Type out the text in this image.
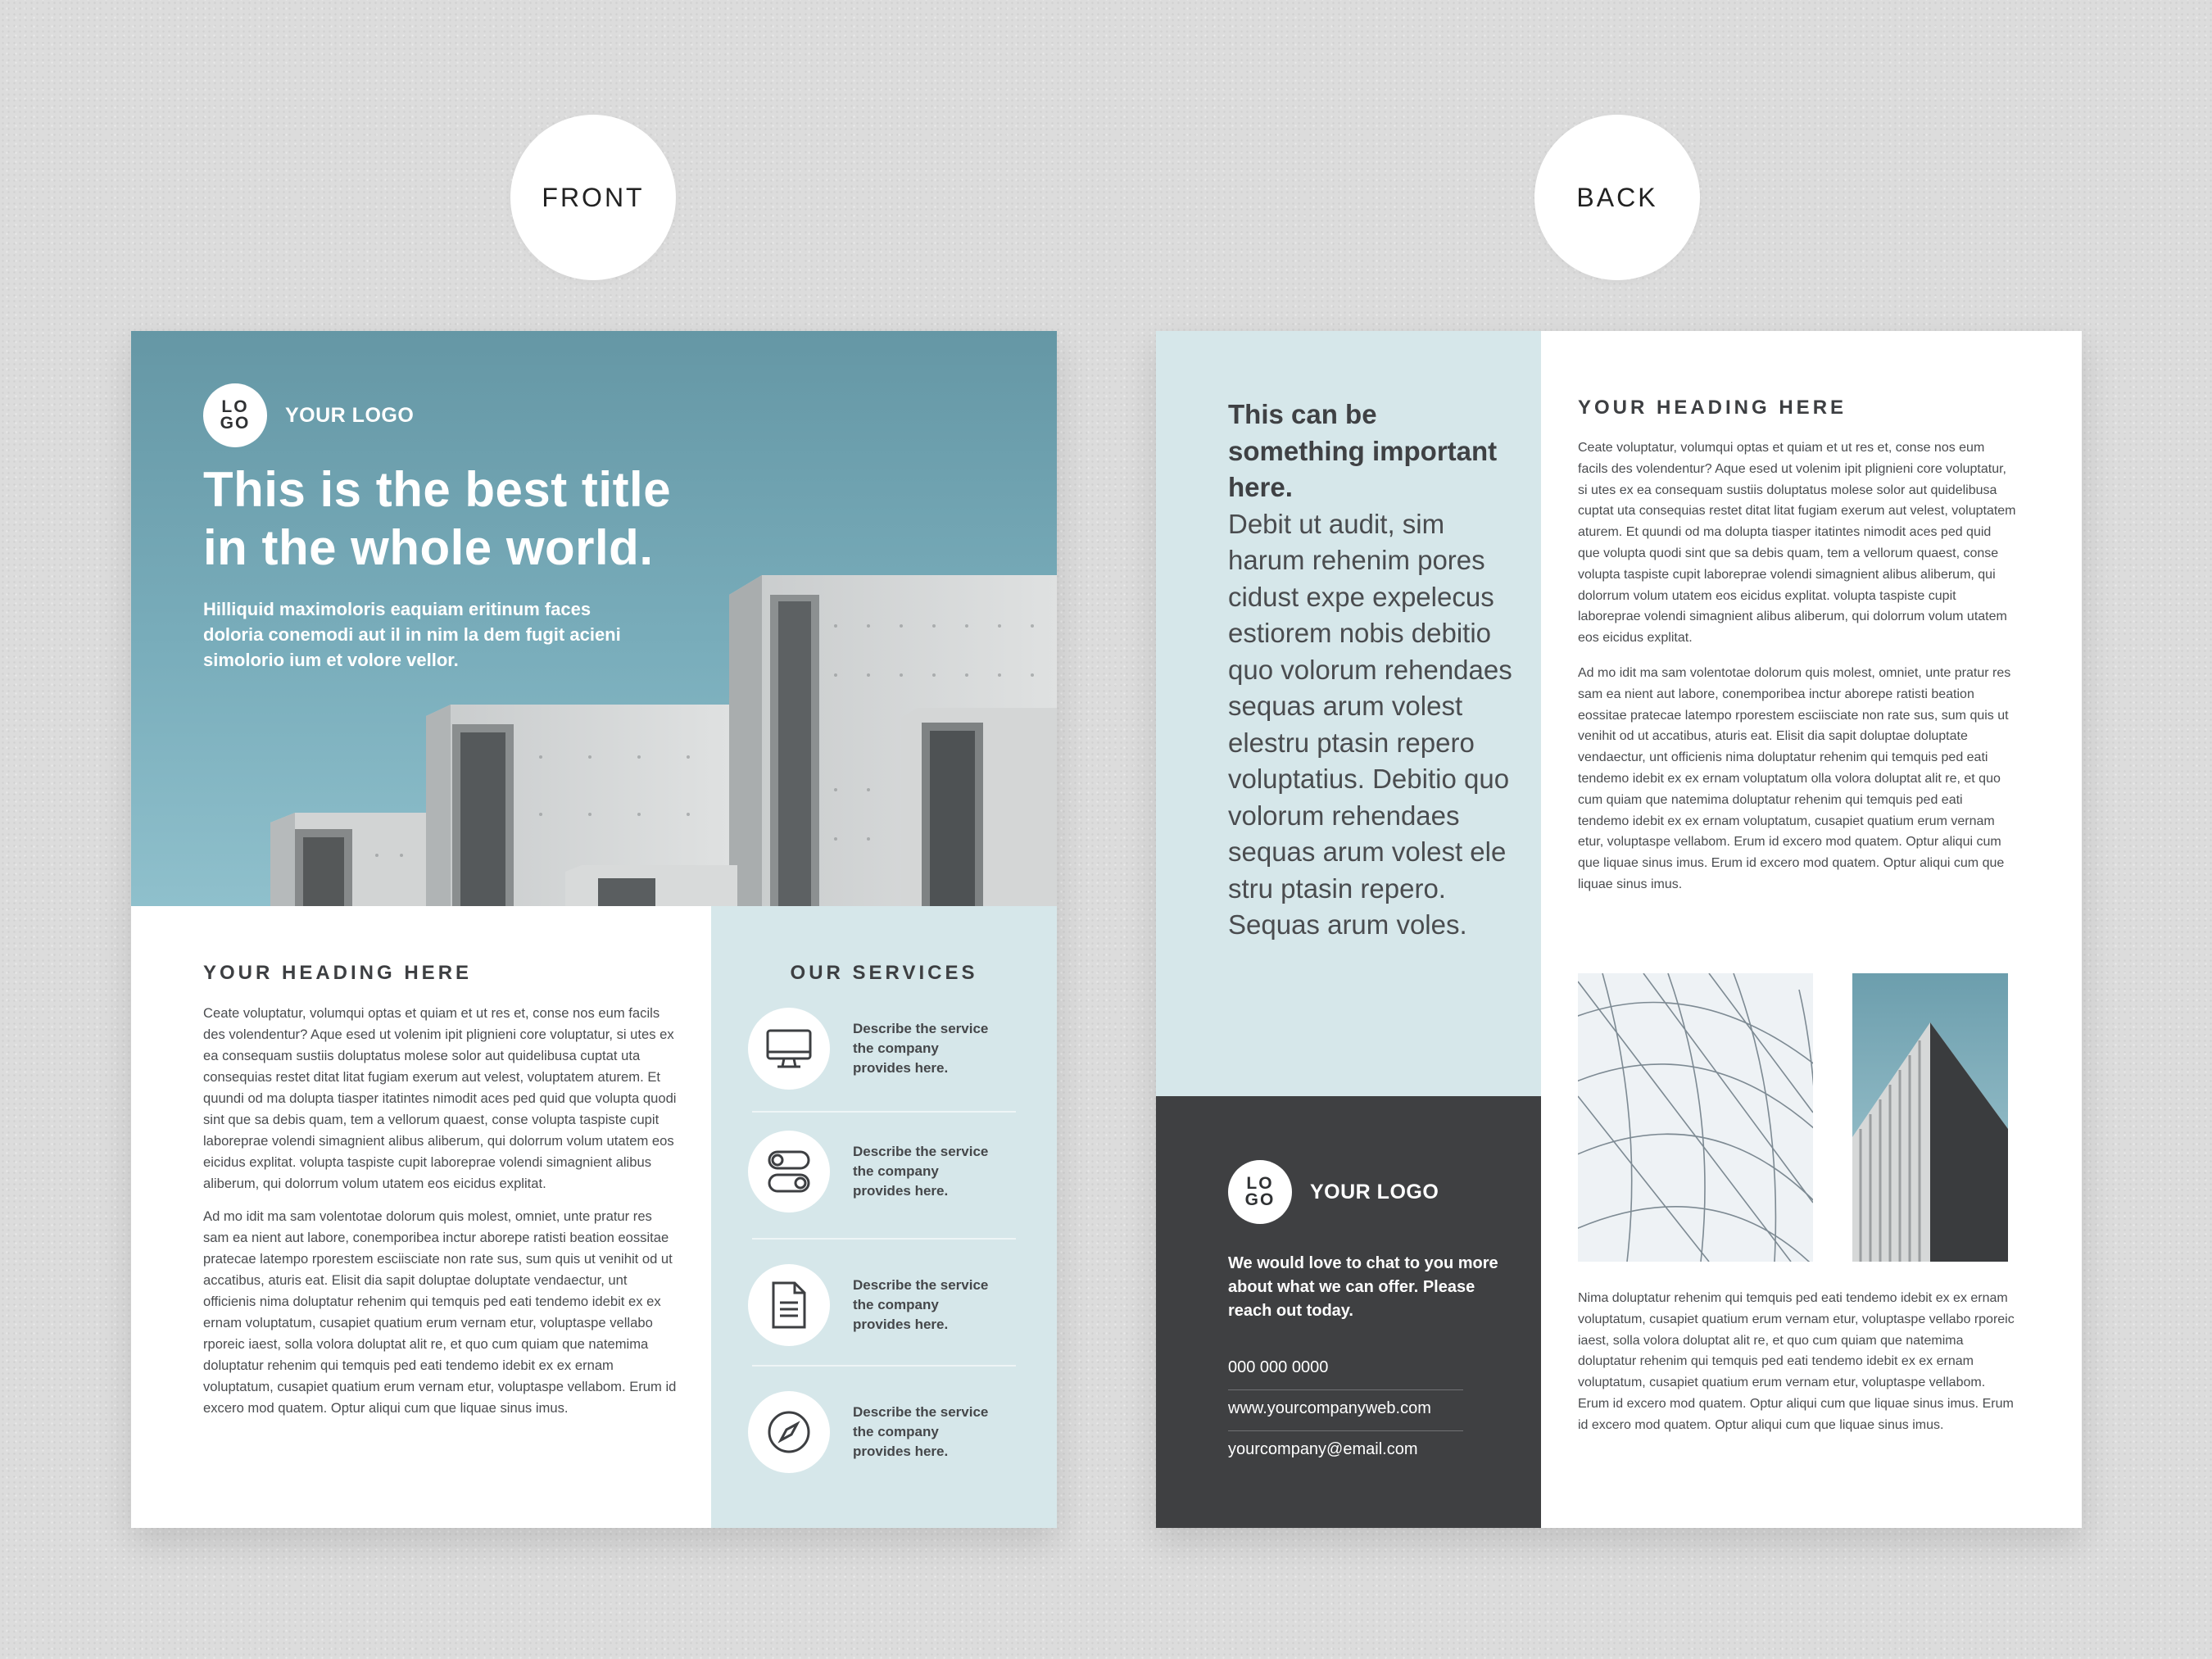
FRONT	BACK
LO
GO YOUR LOGO
This is the best title in the whole world.

Hilliquid maximoloris eaquiam eritinum faces doloria conemodi aut il in nim la dem fugit acieni simolorio ium et volore vellor.

YOUR HEADING HERE

Ceate voluptatur, volumqui optas et quiam et ut res et, conse nos eum facils des volendentur? Aque esed ut volenim ipit plignieni core voluptatur, si utes ex ea consequam sustiis doluptatus molese solor aut quidelibusa cuptat uta consequias restet ditat litat fugiam exerum aut velest, voluptatem aturem. Et quundi od ma dolupta tiasper itatintes nimodit aces ped quid que volupta quodi sint que sa debis quam, tem a vellorum quaest, conse volupta taspiste cupit laboreprae volendi simagnient alibus aliberum, qui dolorrum volum utatem eos eicidus explitat. volupta taspiste cupit laboreprae volendi simagnient alibus aliberum, qui dolorrum volum utatem eos eicidus explitat.

Ad mo idit ma sam volentotae dolorum quis molest, omniet, unte pratur res sam ea nient aut labore, conemporibea inctur aborepe ratisti beation eossitae pratecae latempo rporestem esciisciate non rate sus, sum quis ut venihit od ut accatibus, aturis eat. Elisit dia sapit doluptae doluptate vendaectur, unt officienis nima doluptatur rehenim qui temquis ped eati tendemo idebit ex ex ernam voluptatum, cusapiet quatium erum vernam etur, voluptaspe vellabo rporeic iaest, solla volora doluptat alit re, et quo cum quiam que natemima doluptatur rehenim qui temquis ped eati tendemo idebit ex ex ernam voluptatum, cusapiet quatium erum vernam etur, voluptaspe vellabom. Erum id excero mod quatem. Optur aliqui cum que liquae sinus imus.

OUR SERVICES
Describe the service the company provides here.
Describe the service the company provides here.
Describe the service the company provides here.
Describe the service the company provides here.

This can be something important here.
Debit ut audit, sim harum rehenim pores cidust expe expelecus estiorem nobis debitio quo volorum rehendaes sequas arum volest elestru ptasin repero voluptatius. Debitio quo volorum rehendaes sequas arum volest ele stru ptasin repero. Sequas arum voles.

LO
GO YOUR LOGO

We would love to chat to you more about what we can offer. Please reach out today.

000 000 0000
www.yourcompanyweb.com
yourcompany@email.com
YOUR HEADING HERE

Ceate voluptatur, volumqui optas et quiam et ut res et, conse nos eum facils des volendentur? Aque esed ut volenim ipit plignieni core voluptatur, si utes ex ea consequam sustiis doluptatus molese solor aut quidelibusa cuptat uta consequias restet ditat litat fugiam exerum aut velest, voluptatem aturem. Et quundi od ma dolupta tiasper itatintes nimodit aces ped quid que volupta quodi sint que sa debis quam, tem a vellorum quaest, conse volupta taspiste cupit laboreprae volendi simagnient alibus aliberum, qui dolorrum volum utatem eos eicidus explitat. volupta taspiste cupit laboreprae volendi simagnient alibus aliberum, qui dolorrum volum utatem eos eicidus explitat.

Ad mo idit ma sam volentotae dolorum quis molest, omniet, unte pratur res sam ea nient aut labore, conemporibea inctur aborepe ratisti beation eossitae pratecae latempo rporestem esciisciate non rate sus, sum quis ut venihit od ut accatibus, aturis eat. Elisit dia sapit doluptae doluptate vendaectur, unt officienis nima doluptatur rehenim qui temquis ped eati tendemo idebit ex ex ernam voluptatum olla volora doluptat alit re, et quo cum quiam que natemima doluptatur rehenim qui temquis ped eati tendemo idebit ex ex ernam voluptatum, cusapiet quatium erum vernam etur, voluptaspe vellabom. Erum id excero mod quatem. Optur aliqui cum que liquae sinus imus. Erum id excero mod quatem. Optur aliqui cum que liquae sinus imus.

Nima doluptatur rehenim qui temquis ped eati tendemo idebit ex ex ernam voluptatum, cusapiet quatium erum vernam etur, voluptaspe vellabo rporeic iaest, solla volora doluptat alit re, et quo cum quiam que natemima doluptatur rehenim qui temquis ped eati tendemo idebit ex ex ernam voluptatum, cusapiet quatium erum vernam etur, voluptaspe vellabom. Erum id excero mod quatem. Optur aliqui cum que liquae sinus imus. Erum id excero mod quatem. Optur aliqui cum que liquae sinus imus.
